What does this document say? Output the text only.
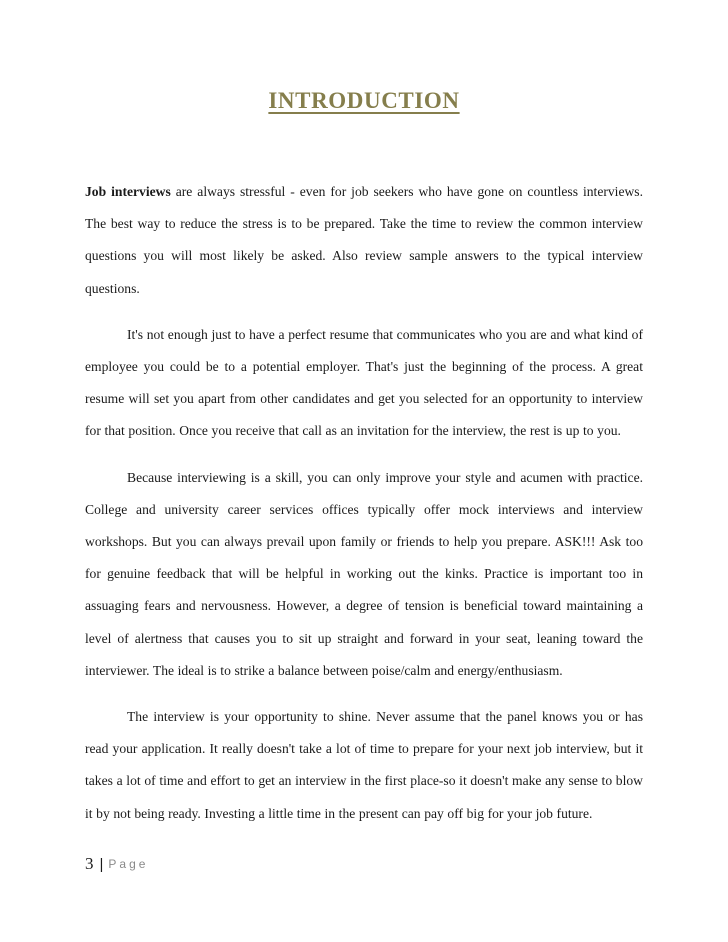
INTRODUCTION

Job interviews are always stressful - even for job seekers who have gone on countless interviews. The best way to reduce the stress is to be prepared. Take the time to review the common interview questions you will most likely be asked. Also review sample answers to the typical interview questions.

It's not enough just to have a perfect resume that communicates who you are and what kind of employee you could be to a potential employer. That's just the beginning of the process. A great resume will set you apart from other candidates and get you selected for an opportunity to interview for that position. Once you receive that call as an invitation for the interview, the rest is up to you.

Because interviewing is a skill, you can only improve your style and acumen with practice. College and university career services offices typically offer mock interviews and interview workshops. But you can always prevail upon family or friends to help you prepare. ASK!!! Ask too for genuine feedback that will be helpful in working out the kinks. Practice is important too in assuaging fears and nervousness. However, a degree of tension is beneficial toward maintaining a level of alertness that causes you to sit up straight and forward in your seat, leaning toward the interviewer. The ideal is to strike a balance between poise/calm and energy/enthusiasm.

The interview is your opportunity to shine. Never assume that the panel knows you or has read your application. It really doesn't take a lot of time to prepare for your next job interview, but it takes a lot of time and effort to get an interview in the first place-so it doesn't make any sense to blow it by not being ready. Investing a little time in the present can pay off big for your job future.

3 | Page
